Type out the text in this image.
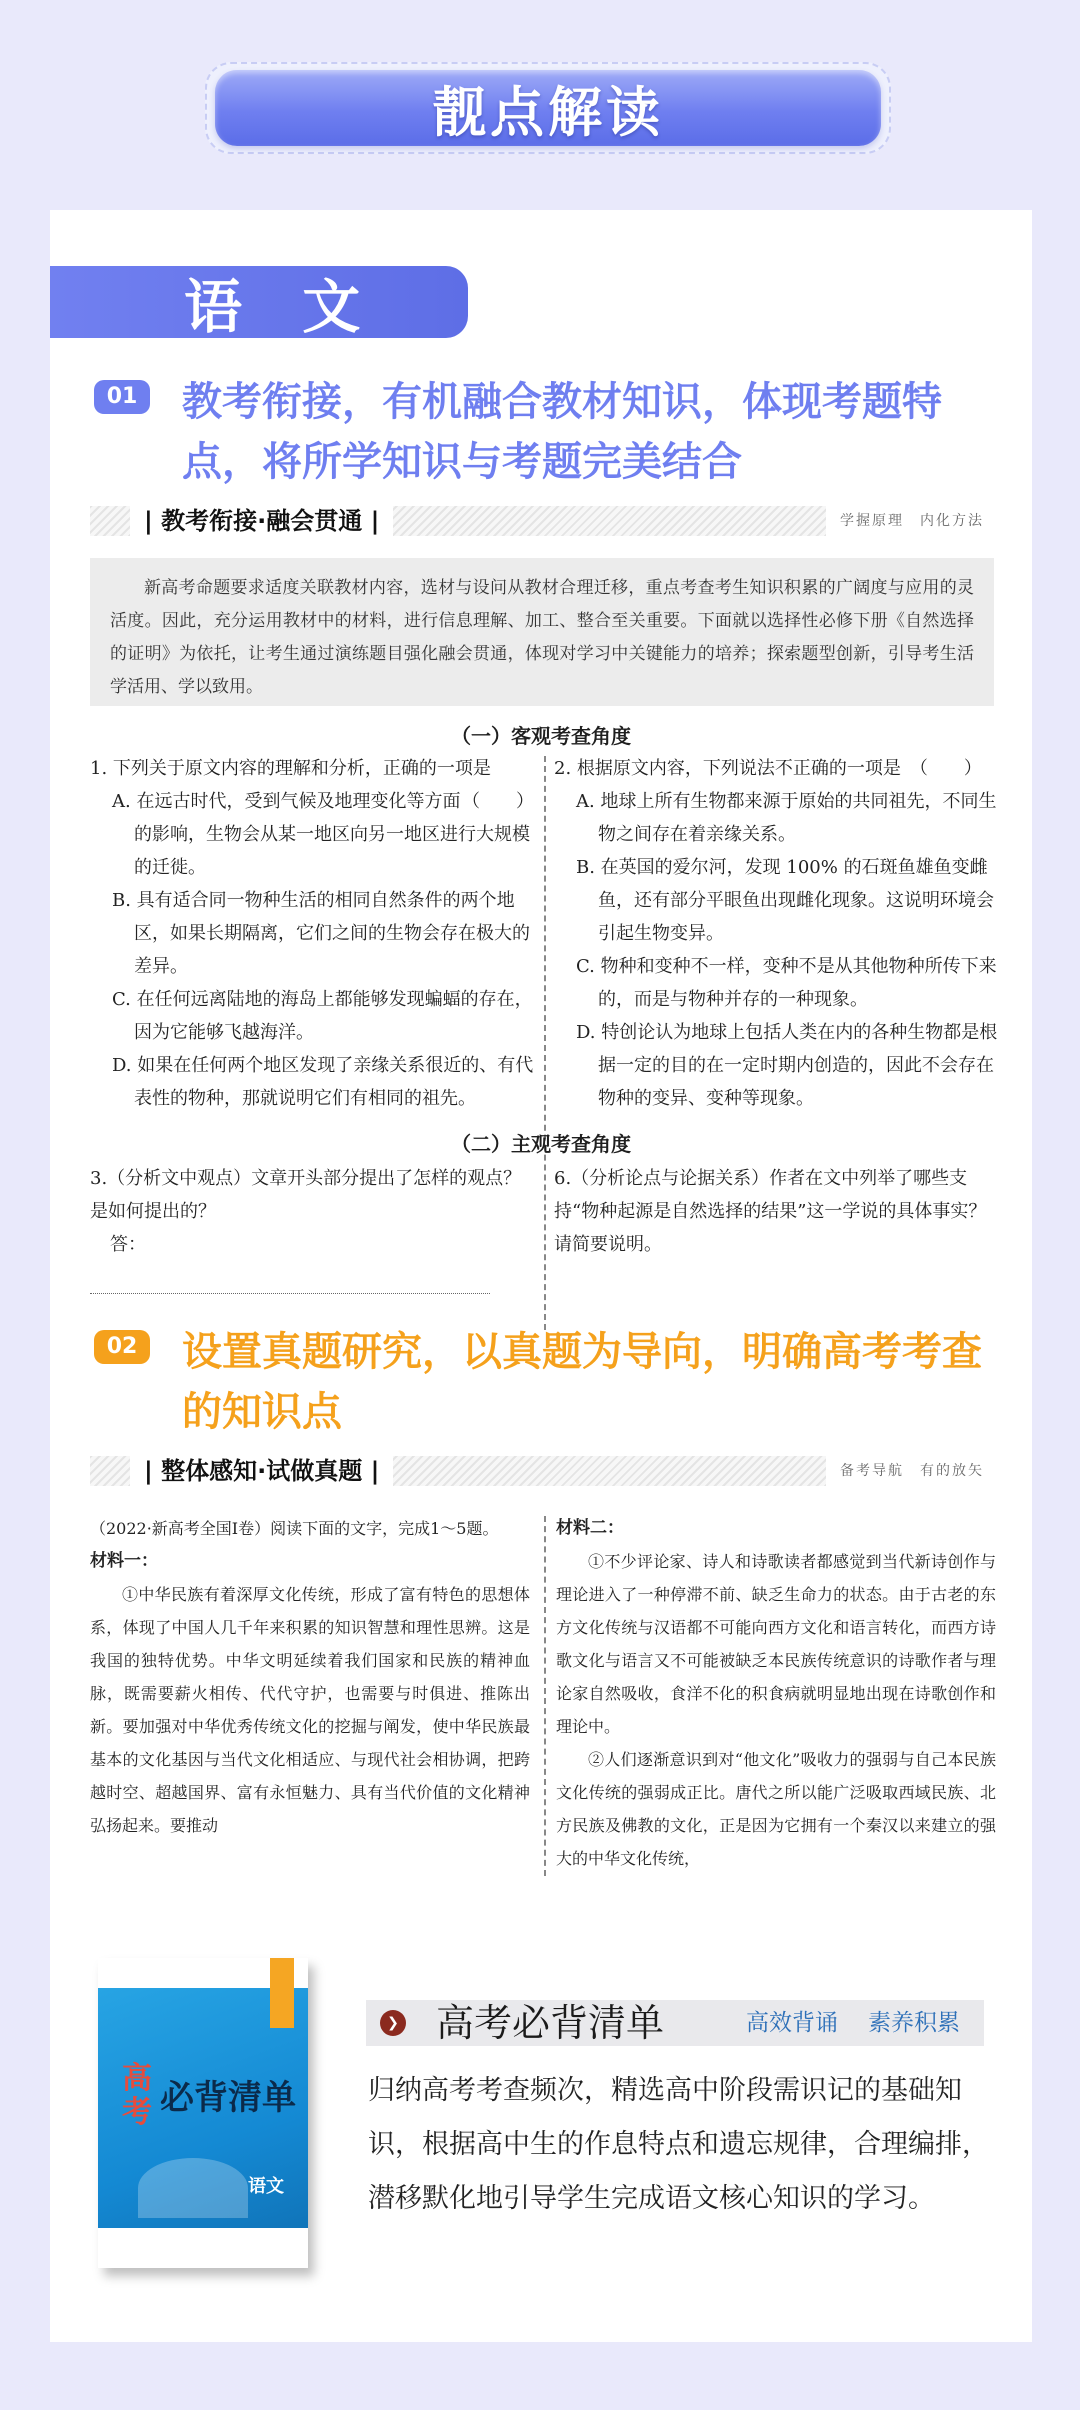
靓点解读
语 文
01	教考衔接，有机融合教材知识，体现考题特点，将所学知识与考题完美结合
| 教考衔接·融会贯通 |	学握原理　内化方法
新高考命题要求适度关联教材内容，选材与设问从教材合理迁移，重点考查考生知识积累的广阔度与应用的灵活度。因此，充分运用教材中的材料，进行信息理解、加工、整合至关重要。下面就以选择性必修下册《自然选择的证明》为依托，让考生通过演练题目强化融会贯通，体现对学习中关键能力的培养；探索题型创新，引导考生活学活用、学以致用。
（一）客观考查角度
1. 下列关于原文内容的理解和分析，正确的一项是
（　　）
A. 在远古时代，受到气候及地理变化等方面的影响，生物会从某一地区向另一地区进行大规模的迁徙。
B. 具有适合同一物种生活的相同自然条件的两个地区，如果长期隔离，它们之间的生物会存在极大的差异。
C. 在任何远离陆地的海岛上都能够发现蝙蝠的存在，因为它能够飞越海洋。
D. 如果在任何两个地区发现了亲缘关系很近的、有代表性的物种，那就说明它们有相同的祖先。
2. 根据原文内容，下列说法不正确的一项是　（　　）
A. 地球上所有生物都来源于原始的共同祖先，不同生物之间存在着亲缘关系。
B. 在英国的爱尔河，发现 100% 的石斑鱼雄鱼变雌鱼，还有部分平眼鱼出现雌化现象。这说明环境会引起生物变异。
C. 物种和变种不一样，变种不是从其他物种所传下来的，而是与物种并存的一种现象。
D. 特创论认为地球上包括人类在内的各种生物都是根据一定的目的在一定时期内创造的，因此不会存在物种的变异、变种等现象。
（二）主观考查角度
3.（分析文中观点）文章开头部分提出了怎样的观点？是如何提出的？
答：
6.（分析论点与论据关系）作者在文中列举了哪些支持“物种起源是自然选择的结果”这一学说的具体事实？请简要说明。
02	设置真题研究，以真题为导向，明确高考考查的知识点
| 整体感知·试做真题 |	备考导航　有的放矢
（2022·新高考全国Ⅰ卷）阅读下面的文字，完成1～5题。
材料一：
①中华民族有着深厚文化传统，形成了富有特色的思想体系，体现了中国人几千年来积累的知识智慧和理性思辨。这是我国的独特优势。中华文明延续着我们国家和民族的精神血脉，既需要薪火相传、代代守护，也需要与时俱进、推陈出新。要加强对中华优秀传统文化的挖掘与阐发，使中华民族最基本的文化基因与当代文化相适应、与现代社会相协调，把跨越时空、超越国界、富有永恒魅力、具有当代价值的文化精神弘扬起来。要推动
材料二：
①不少评论家、诗人和诗歌读者都感觉到当代新诗创作与理论进入了一种停滞不前、缺乏生命力的状态。由于古老的东方文化传统与汉语都不可能向西方文化和语言转化，而西方诗歌文化与语言又不可能被缺乏本民族传统意识的诗歌作者与理论家自然吸收，食洋不化的积食病就明显地出现在诗歌创作和理论中。
②人们逐渐意识到对“他文化”吸收力的强弱与自己本民族文化传统的强弱成正比。唐代之所以能广泛吸取西域民族、北方民族及佛教的文化，正是因为它拥有一个秦汉以来建立的强大的中华文化传统，
高考 必背清单
语文
❯ 高考必背清单	高效背诵 素养积累
归纳高考考查频次，精选高中阶段需识记的基础知识，根据高中生的作息特点和遗忘规律，合理编排，潜移默化地引导学生完成语文核心知识的学习。
